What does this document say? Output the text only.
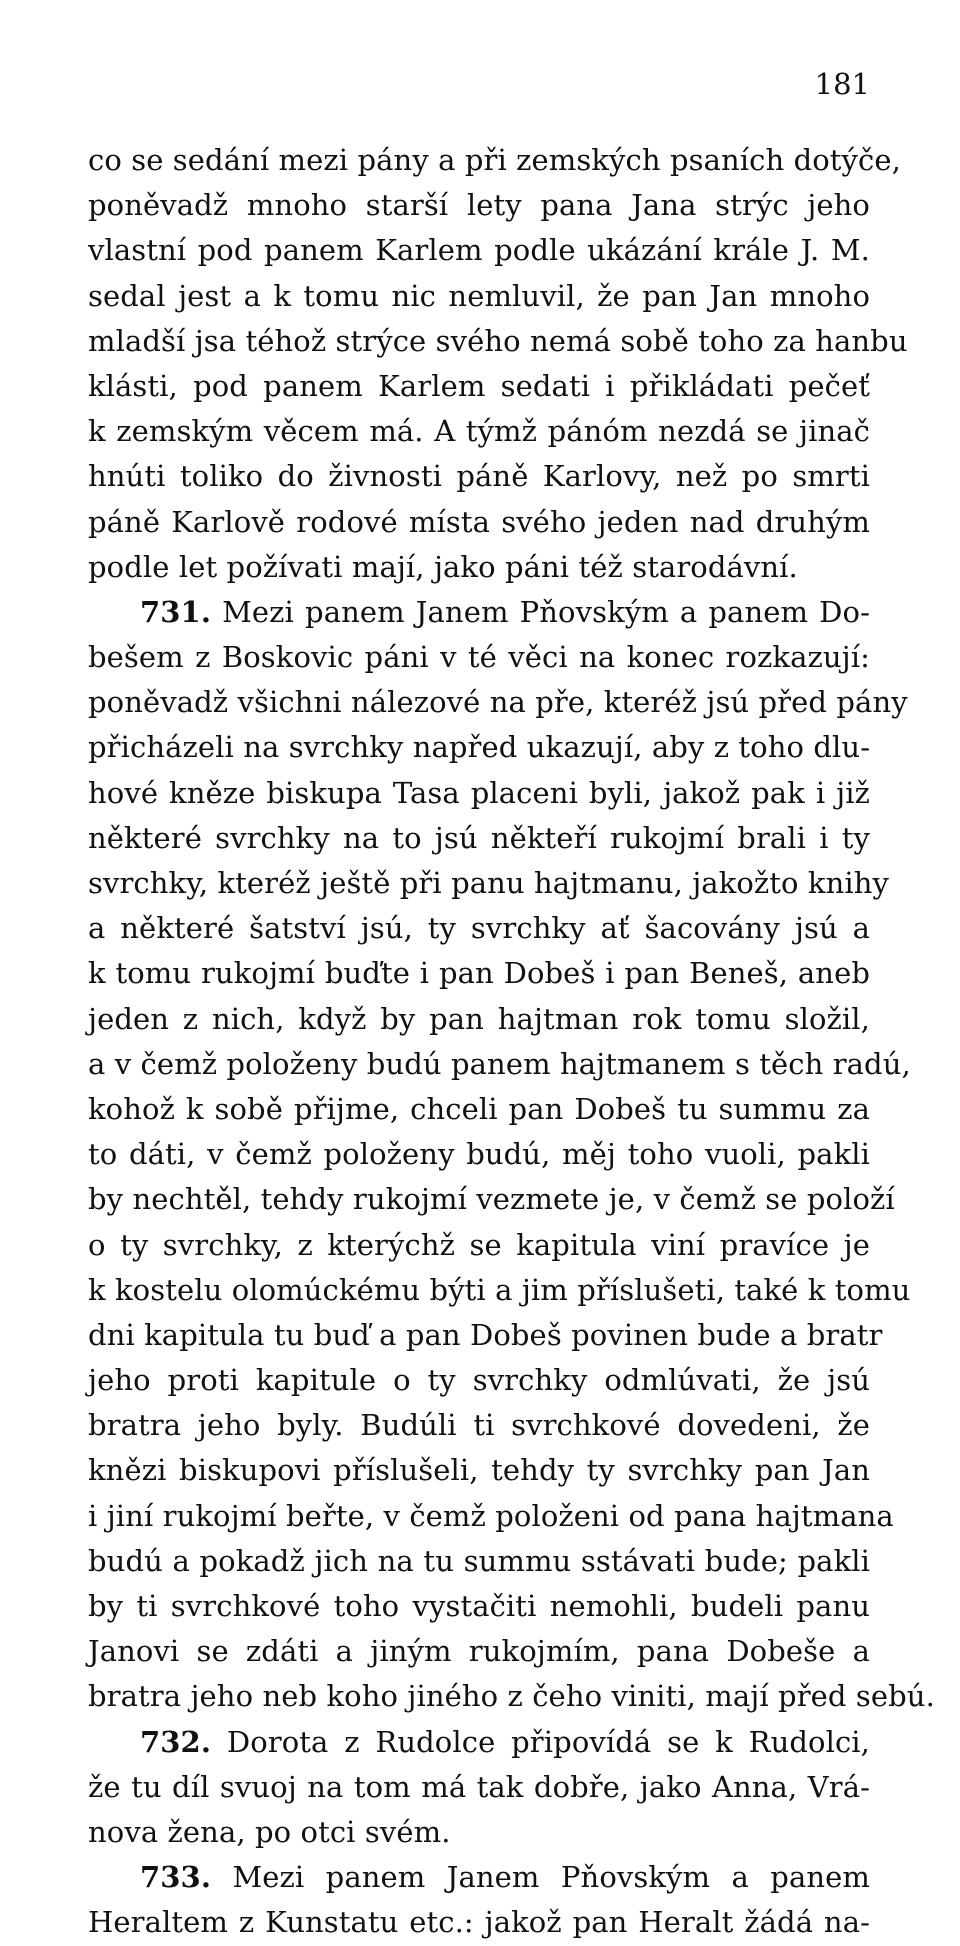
181
co se sedání mezi pány a při zemských psaních dotýče,
poněvadž mnoho starší lety pana Jana strýc jeho
vlastní pod panem Karlem podle ukázání krále J. M.
sedal jest a k tomu nic nemluvil, že pan Jan mnoho
mladší jsa téhož strýce svého nemá sobě toho za hanbu
klásti, pod panem Karlem sedati i přikládati pečeť
k zemským věcem má. A týmž pánóm nezdá se jinač
hnúti toliko do živnosti páně Karlovy, než po smrti
páně Karlově rodové místa svého jeden nad druhým
podle let požívati mají, jako páni též starodávní.
731. Mezi panem Janem Pňovským a panem Do-
bešem z Boskovic páni v té věci na konec rozkazují:
poněvadž všichni nálezové na pře, kteréž jsú před pány
přicházeli na svrchky napřed ukazují, aby z toho dlu-
hové kněze biskupa Tasa placeni byli, jakož pak i již
některé svrchky na to jsú někteří rukojmí brali i ty
svrchky, kteréž ještě při panu hajtmanu, jakožto knihy
a některé šatství jsú, ty svrchky ať šacovány jsú a
k tomu rukojmí buďte i pan Dobeš i pan Beneš, aneb
jeden z nich, když by pan hajtman rok tomu složil,
a v čemž položeny budú panem hajtmanem s těch radú,
kohož k sobě přijme, chceli pan Dobeš tu summu za
to dáti, v čemž položeny budú, měj toho vuoli, pakli
by nechtěl, tehdy rukojmí vezmete je, v čemž se položí
o ty svrchky, z kterýchž se kapitula viní pravíce je
k kostelu olomúckému býti a jim příslušeti, také k tomu
dni kapitula tu buď a pan Dobeš povinen bude a bratr
jeho proti kapitule o ty svrchky odmlúvati, že jsú
bratra jeho byly. Budúli ti svrchkové dovedeni, že
knězi biskupovi příslušeli, tehdy ty svrchky pan Jan
i jiní rukojmí beřte, v čemž položeni od pana hajtmana
budú a pokadž jich na tu summu sstávati bude; pakli
by ti svrchkové toho vystačiti nemohli, budeli panu
Janovi se zdáti a jiným rukojmím, pana Dobeše a
bratra jeho neb koho jiného z čeho viniti, mají před sebú.
732. Dorota z Rudolce připovídá se k Rudolci,
že tu díl svuoj na tom má tak dobře, jako Anna, Vrá-
nova žena, po otci svém.
733. Mezi panem Janem Pňovským a panem
Heraltem z Kunstatu etc.: jakož pan Heralt žádá na-
